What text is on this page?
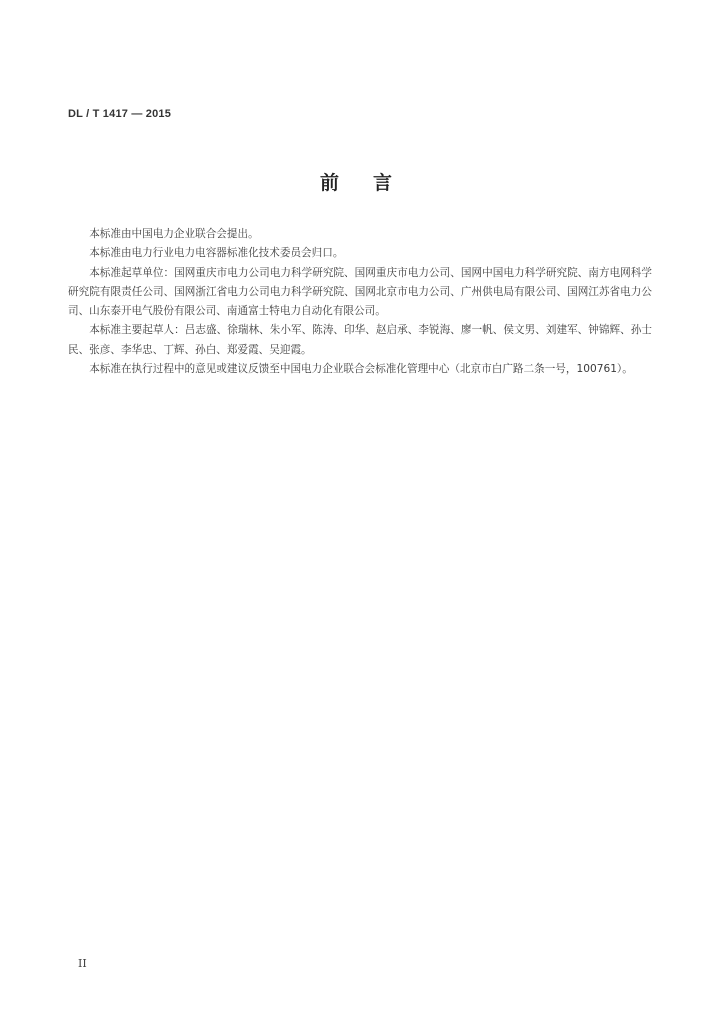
DL / T 1417 — 2015
前言

本标准由中国电力企业联合会提出。

本标准由电力行业电力电容器标准化技术委员会归口。

本标准起草单位：国网重庆市电力公司电力科学研究院、国网重庆市电力公司、国网中国电力科学研究院、南方电网科学研究院有限责任公司、国网浙江省电力公司电力科学研究院、国网北京市电力公司、广州供电局有限公司、国网江苏省电力公司、山东泰开电气股份有限公司、南通富士特电力自动化有限公司。

本标准主要起草人：吕志盛、徐瑞林、朱小军、陈涛、印华、赵启承、李锐海、廖一帆、侯文男、刘建军、钟锦辉、孙士民、张彦、李华忠、丁辉、孙白、郑爱霞、吴迎霞。

本标准在执行过程中的意见或建议反馈至中国电力企业联合会标准化管理中心（北京市白广路二条一号，100761）。

II
